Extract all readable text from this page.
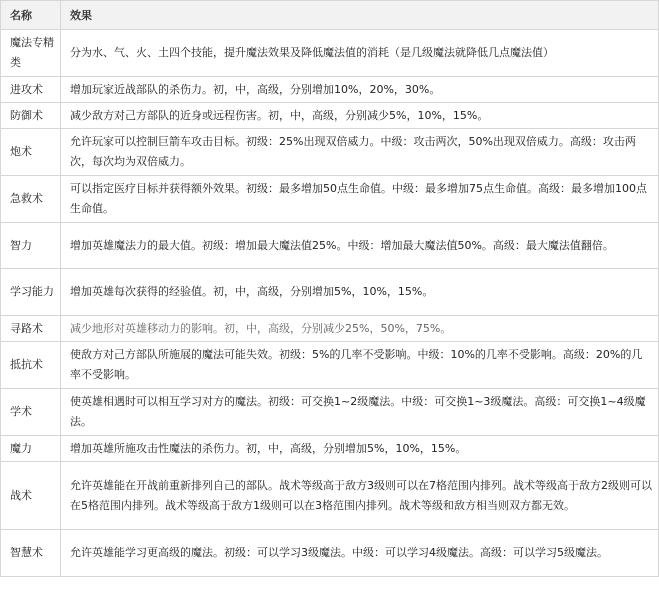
名称	效果
魔法专精类	分为水、气、火、土四个技能，提升魔法效果及降低魔法值的消耗（是几级魔法就降低几点魔法值）
进攻术	增加玩家近战部队的杀伤力。初，中，高级，分别增加10%，20%，30%。
防御术	减少敌方对己方部队的近身或远程伤害。初，中，高级，分别减少5%，10%，15%。
炮术	允许玩家可以控制巨箭车攻击目标。初级：25%出现双倍威力。中级：攻击两次，50%出现双倍威力。高级：攻击两次，每次均为双倍威力。
急救术	可以指定医疗目标并获得额外效果。初级：最多增加50点生命值。中级：最多增加75点生命值。高级：最多增加100点生命值。
智力	增加英雄魔法力的最大值。初级：增加最大魔法值25%。中级：增加最大魔法值50%。高级：最大魔法值翻倍。
学习能力	增加英雄每次获得的经验值。初，中，高级，分别增加5%，10%，15%。
寻路术	减少地形对英雄移动力的影响。初，中，高级，分别减少25%，50%，75%。
抵抗术	使敌方对己方部队所施展的魔法可能失效。初级：5%的几率不受影响。中级：10%的几率不受影响。高级：20%的几率不受影响。
学术	使英雄相遇时可以相互学习对方的魔法。初级：可交换1~2级魔法。中级：可交换1~3级魔法。高级：可交换1~4级魔法。
魔力	增加英雄所施攻击性魔法的杀伤力。初，中，高级，分别增加5%，10%，15%。
战术	允许英雄能在开战前重新排列自己的部队。战术等级高于敌方3级则可以在7格范围内排列。战术等级高于敌方2级则可以在5格范围内排列。战术等级高于敌方1级则可以在3格范围内排列。战术等级和敌方相当则双方都无效。
智慧术	允许英雄能学习更高级的魔法。初级：可以学习3级魔法。中级：可以学习4级魔法。高级：可以学习5级魔法。
